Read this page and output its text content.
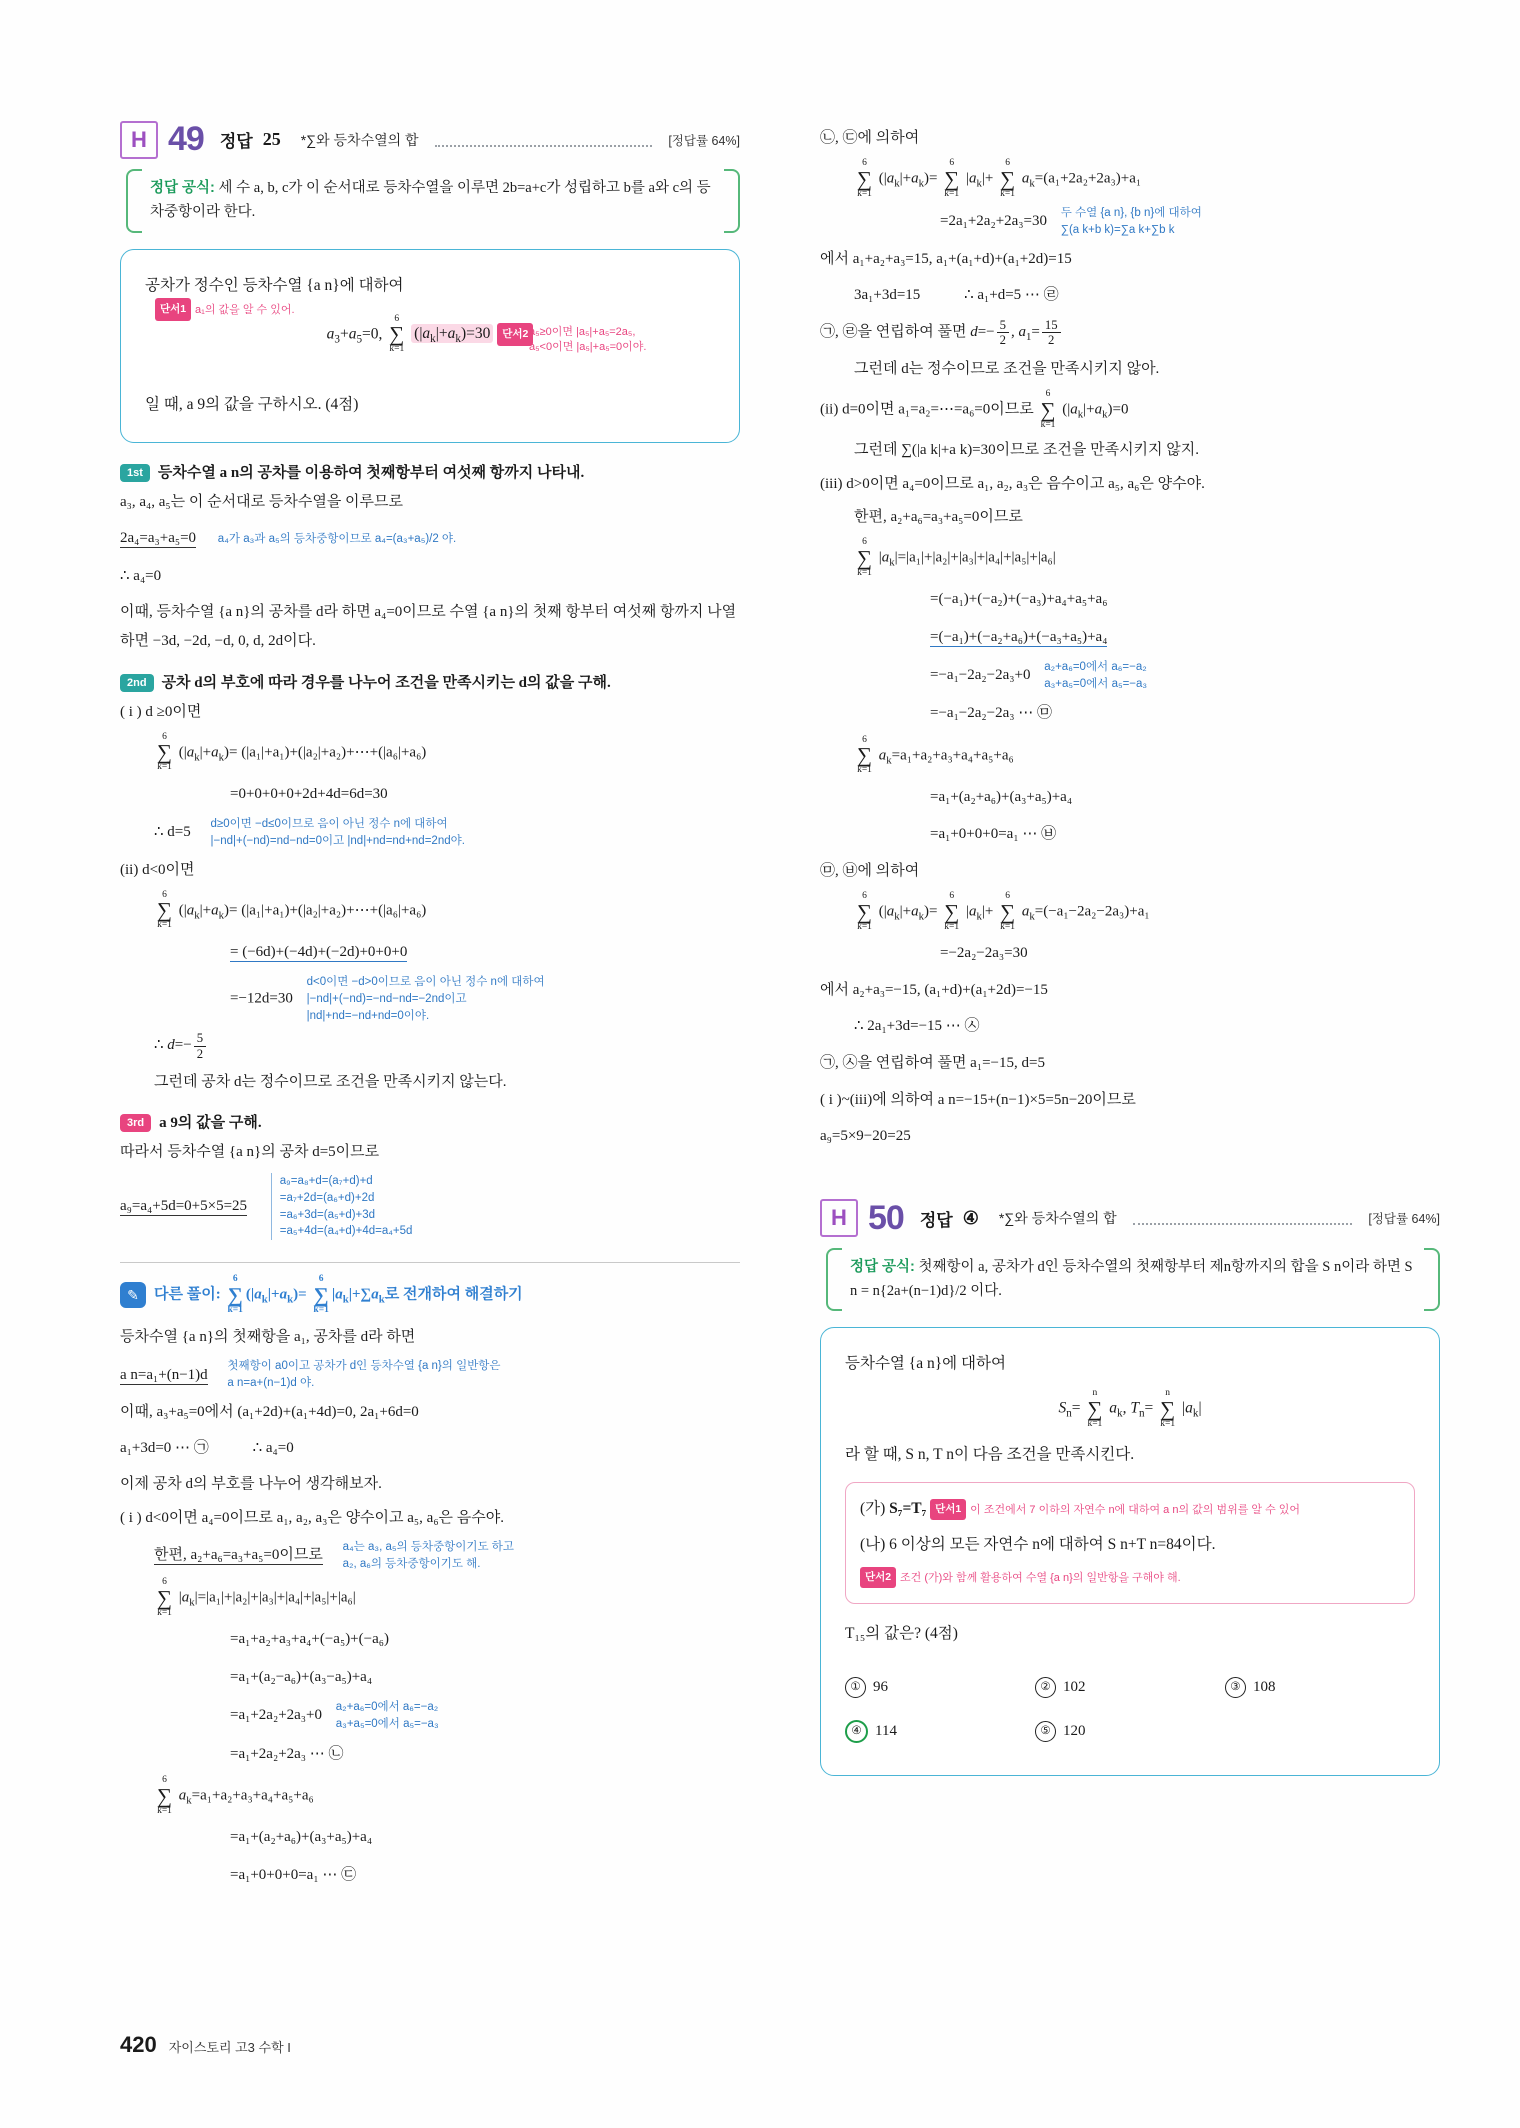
H 49 정답 25 *∑와 등차수열의 합	[정답률 64%]
정답 공식: 세 수 a, b, c가 이 순서대로 등차수열을 이루면 2b=a+c가 성립하고 b를 a와 c의 등차중항이라 한다.
공차가 정수인 등차수열 {a n}에 대하여
단서1 a₁의 값을 알 수 있어.
$a_3+a_5=0$,
6
∑
k=1
$(|a_k|+a_k)=30$ 단서2 a₅≥0이면 |a₅|+a₅=2a₅,
a₅<0이면 |a₅|+a₅=0이야.
일 때, a 9의 값을 구하시오. (4점)
1st	등차수열 a n의 공차를 이용하여 첫째항부터 여섯째 항까지 나타내.
a₃, a₄, a₅는 이 순서대로 등차수열을 이루므로
2a₄=a₃+a₅=0 a₄가 a₃과 a₅의 등차중항이므로 a₄=(a₃+a₅)/2 야.
∴ a₄=0
이때, 등차수열 {a n}의 공차를 d라 하면 a₄=0이므로 수열 {a n}의 첫째 항부터 여섯째 항까지 나열하면 −3d, −2d, −d, 0, d, 2d이다.
2nd	공차 d의 부호에 따라 경우를 나누어 조건을 만족시키는 d의 값을 구해.
( i ) d ≥0이면
6
∑
k=1
$(|a_k|+a_k)=$ (|a₁|+a₁)+(|a₂|+a₂)+⋯+(|a₆|+a₆)
=0+0+0+0+2d+4d=6d=30
∴ d=5
d≥0이면 −d≤0이므로 음이 아닌 정수 n에 대하여
|−nd|+(−nd)=nd−nd=0이고 |nd|+nd=nd+nd=2nd야.
(ii) d<0이면
6
∑
k=1
$(|a_k|+a_k)=$ (|a₁|+a₁)+(|a₂|+a₂)+⋯+(|a₆|+a₆)
= (−6d)+(−4d)+(−2d)+0+0+0
=−12d=30
d<0이면 −d>0이므로 음이 아닌 정수 n에 대하여
|−nd|+(−nd)=−nd−nd=−2nd이고
|nd|+nd=−nd+nd=0이야.
∴ $d=- \frac{5}{2}$
그런데 공차 d는 정수이므로 조건을 만족시키지 않는다.
3rd	a 9의 값을 구해.
따라서 등차수열 {a n}의 공차 d=5이므로
a₉=a₄+5d=0+5×5=25
a₉=a₈+d=(a₇+d)+d
=a₇+2d=(a₆+d)+2d
=a₆+3d=(a₅+d)+3d
=a₅+4d=(a₄+d)+4d=a₄+5d
✎	다른 풀이:
6
∑
k=1
$(|a_k|+a_k)=$
6
∑
k=1
$|a_k|+\sum a_k$로 전개하여 해결하기
등차수열 {a n}의 첫째항을 a₁, 공차를 d라 하면
a n=a₁+(n−1)d
첫째항이 a0이고 공차가 d인 등차수열 {a n}의 일반항은
a n=a+(n−1)d 야.
이때, a₃+a₅=0에서 (a₁+2d)+(a₁+4d)=0, 2a₁+6d=0
a₁+3d=0 ⋯ ㉠	∴ a₄=0
이제 공차 d의 부호를 나누어 생각해보자.
( i ) d<0이면 a₄=0이므로 a₁, a₂, a₃은 양수이고 a₅, a₆은 음수야.
한편, a₂+a₆=a₃+a₅=0이므로
a₄는 a₃, a₅의 등차중항이기도 하고
a₂, a₆의 등차중항이기도 해.
6
∑
k=1
$|a_k|=|a_1|+|a_2|+|a_3|+|a_4|+|a_5|+|a_6|$
=a₁+a₂+a₃+a₄+(−a₅)+(−a₆)
=a₁+(a₂−a₆)+(a₃−a₅)+a₄
=a₁+2a₂+2a₃+0
a₂+a₆=0에서 a₆=−a₂
a₃+a₅=0에서 a₅=−a₃
=a₁+2a₂+2a₃ ⋯ ㉡
6
∑
k=1
$a_k=a_1+a_2+a_3+a_4+a_5+a_6$
=a₁+(a₂+a₆)+(a₃+a₅)+a₄
=a₁+0+0+0=a₁ ⋯ ㉢
㉡, ㉢에 의하여
6
∑
k=1
$(|a_k|+a_k)=$
6
∑
k=1
$|a_k|+$
6
∑
k=1
$a_k=(a_1+2a_2+2a_3)+a_1$
=2a₁+2a₂+2a₃=30
두 수열 {a n}, {b n}에 대하여
∑(a k+b k)=∑a k+∑b k
에서 a₁+a₂+a₃=15, a₁+(a₁+d)+(a₁+2d)=15
3a₁+3d=15	∴ a₁+d=5 ⋯ ㉣
㉠, ㉣을 연립하여 풀면 $d=- \frac{5}{2}$ , $a_1= \frac{15}{2}$
그런데 d는 정수이므로 조건을 만족시키지 않아.
(ii) d=0이면 a₁=a₂=⋯=a₆=0이므로
6
∑
k=1
$(|a_k|+a_k)=0$
그런데 ∑(|a k|+a k)=30이므로 조건을 만족시키지 않지.
(iii) d>0이면 a₄=0이므로 a₁, a₂, a₃은 음수이고 a₅, a₆은 양수야.
한편, a₂+a₆=a₃+a₅=0이므로
6
∑
k=1
$|a_k|=|a_1|+|a_2|+|a_3|+|a_4|+|a_5|+|a_6|$
=(−a₁)+(−a₂)+(−a₃)+a₄+a₅+a₆
=(−a₁)+(−a₂+a₆)+(−a₃+a₅)+a₄
=−a₁−2a₂−2a₃+0
a₂+a₆=0에서 a₆=−a₂
a₃+a₅=0에서 a₅=−a₃
=−a₁−2a₂−2a₃ ⋯ ㉤
6
∑
k=1
$a_k=a_1+a_2+a_3+a_4+a_5+a_6$
=a₁+(a₂+a₆)+(a₃+a₅)+a₄
=a₁+0+0+0=a₁ ⋯ ㉥
㉤, ㉥에 의하여
6
∑
k=1
$(|a_k|+a_k)=$
6
∑
k=1
$|a_k|+$
6
∑
k=1
$a_k=(-a_1-2a_2-2a_3)+a_1$
=−2a₂−2a₃=30
에서 a₂+a₃=−15, (a₁+d)+(a₁+2d)=−15
∴ 2a₁+3d=−15 ⋯ ㉦
㉠, ㉦을 연립하여 풀면 a₁=−15, d=5
( i )~(iii)에 의하여 a n=−15+(n−1)×5=5n−20이므로
a₉=5×9−20=25
H 50 정답 ④ *∑와 등차수열의 합	[정답률 64%]
정답 공식: 첫째항이 a, 공차가 d인 등차수열의 첫째항부터 제n항까지의 합을 S n이라 하면 S n = n{2a+(n−1)d}/2 이다.
등차수열 {a n}에 대하여
$S_n=$
n
∑
k=1
$a_k$, $T_n=$
n
∑
k=1
$|a_k|$
라 할 때, S n, T n이 다음 조건을 만족시킨다.
(가) S₇=T₇ 단서1 이 조건에서 7 이하의 자연수 n에 대하여 a n의 값의 범위를 알 수 있어
(나) 6 이상의 모든 자연수 n에 대하여 S n+T n=84이다.
단서2 조건 (가)와 함께 활용하여 수열 {a n}의 일반항을 구해야 해.
T₁₅의 값은? (4점)
① 96	② 102	③ 108
④ 114	⑤ 120
420 자이스토리 고3 수학 I
